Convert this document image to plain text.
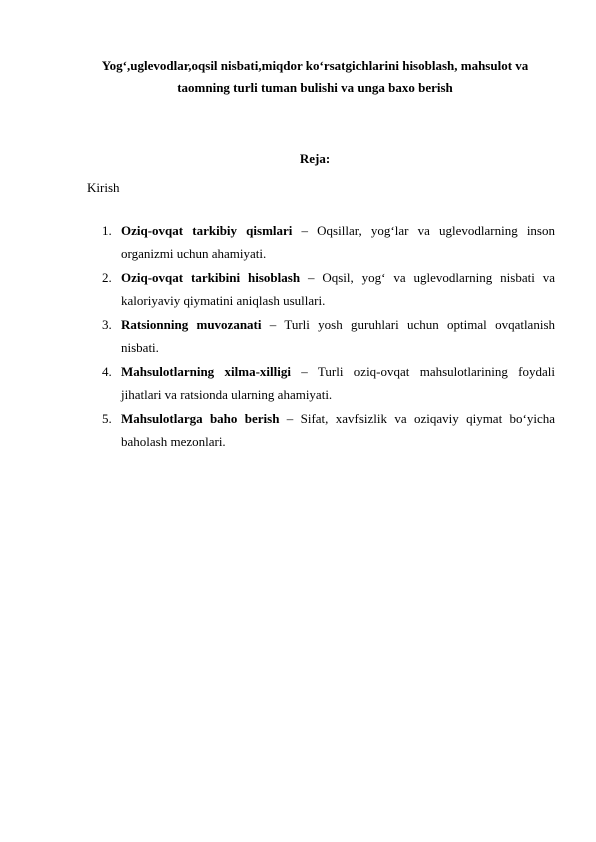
Yog‘,uglevodlar,oqsil nisbati,miqdor ko‘rsatgichlarini hisoblash, mahsulot va taomning turli tuman bulishi va unga baxo berish
Reja:
Kirish
1. Oziq-ovqat tarkibiy qismlari – Oqsillar, yog‘lar va uglevodlarning inson organizmi uchun ahamiyati.
2. Oziq-ovqat tarkibini hisoblash – Oqsil, yog‘ va uglevodlarning nisbati va kaloriyaviy qiymatini aniqlash usullari.
3. Ratsionning muvozanati – Turli yosh guruhlari uchun optimal ovqatlanish nisbati.
4. Mahsulotlarning xilma-xilligi – Turli oziq-ovqat mahsulotlarining foydali jihatlari va ratsionda ularning ahamiyati.
5. Mahsulotlarga baho berish – Sifat, xavfsizlik va oziqaviy qiymat bo‘yicha baholash mezonlari.
